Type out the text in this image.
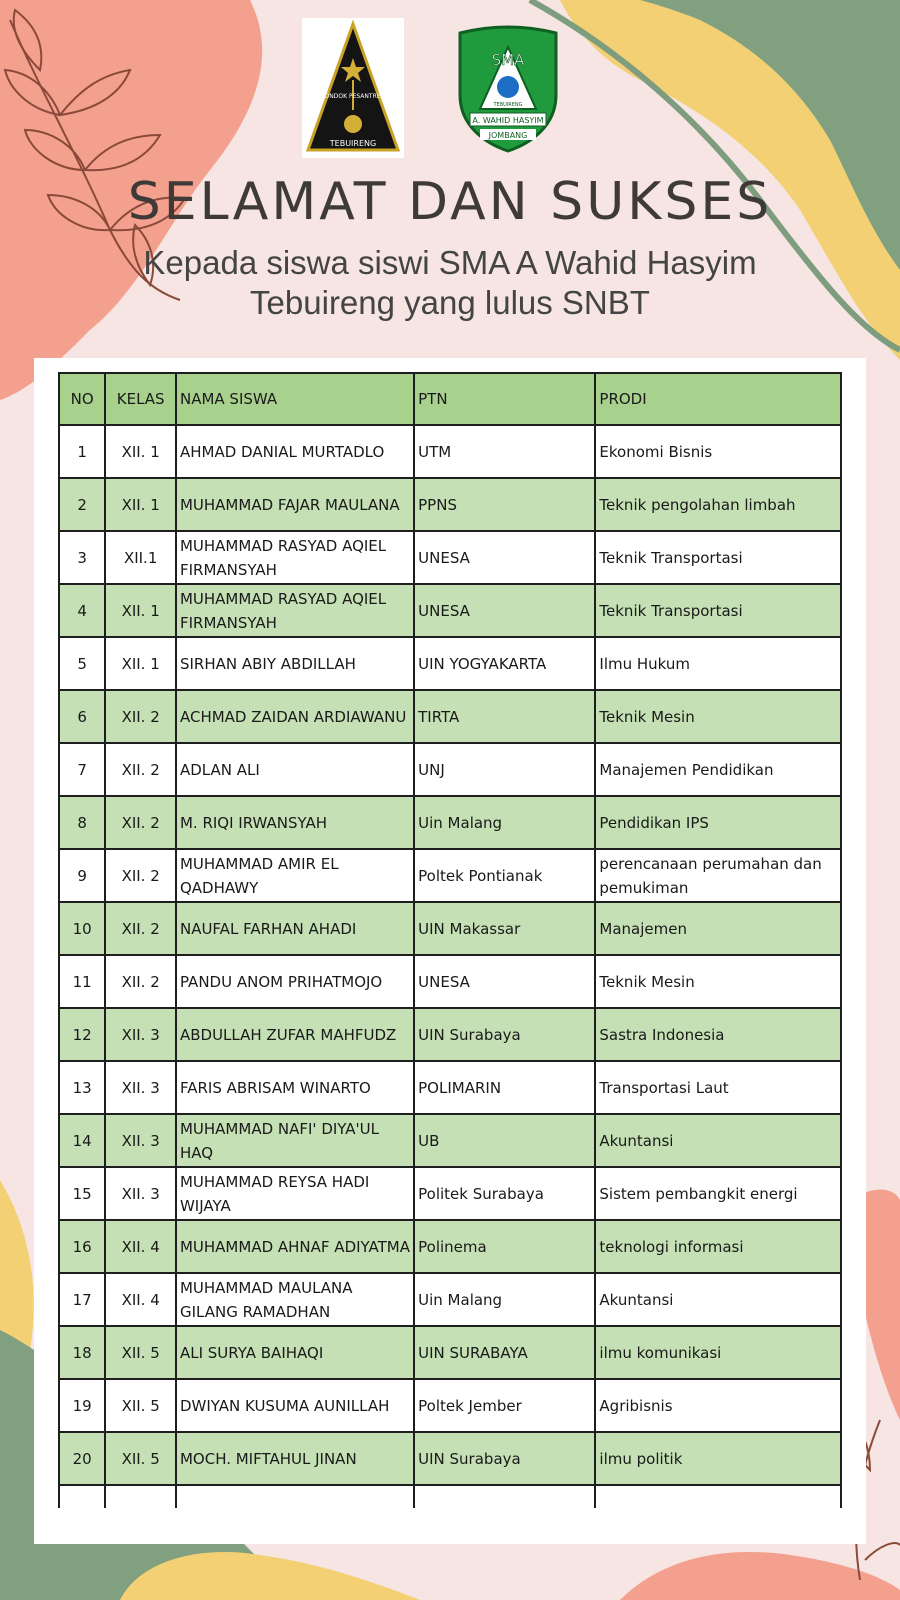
PONDOK PESANTREN
TEBUIRENG
SMA
TEBUIRENG
A. WAHID HASYIM
JOMBANG
SELAMAT DAN SUKSES
Kepada siswa siswi SMA A Wahid Hasyim
Tebuireng yang lulus SNBT
NO	KELAS	NAMA SISWA	PTN	PRODI
1	XII. 1	AHMAD DANIAL MURTADLO	UTM	Ekonomi Bisnis
2	XII. 1	MUHAMMAD FAJAR MAULANA	PPNS	Teknik pengolahan limbah
3	XII.1	MUHAMMAD RASYAD AQIEL FIRMANSYAH	UNESA	Teknik Transportasi
4	XII. 1	MUHAMMAD RASYAD AQIEL FIRMANSYAH	UNESA	Teknik Transportasi
5	XII. 1	SIRHAN ABIY ABDILLAH	UIN YOGYAKARTA	Ilmu Hukum
6	XII. 2	ACHMAD ZAIDAN ARDIAWANU	TIRTA	Teknik Mesin
7	XII. 2	ADLAN ALI	UNJ	Manajemen Pendidikan
8	XII. 2	M. RIQI IRWANSYAH	Uin Malang	Pendidikan IPS
9	XII. 2	MUHAMMAD AMIR EL QADHAWY	Poltek Pontianak	perencanaan perumahan dan pemukiman
10	XII. 2	NAUFAL FARHAN AHADI	UIN Makassar	Manajemen
11	XII. 2	PANDU ANOM PRIHATMOJO	UNESA	Teknik Mesin
12	XII. 3	ABDULLAH ZUFAR MAHFUDZ	UIN Surabaya	Sastra Indonesia
13	XII. 3	FARIS ABRISAM WINARTO	POLIMARIN	Transportasi Laut
14	XII. 3	MUHAMMAD NAFI' DIYA'UL HAQ	UB	Akuntansi
15	XII. 3	MUHAMMAD REYSA HADI WIJAYA	Politek Surabaya	Sistem pembangkit energi
16	XII. 4	MUHAMMAD AHNAF ADIYATMA	Polinema	teknologi informasi
17	XII. 4	MUHAMMAD MAULANA GILANG RAMADHAN	Uin Malang	Akuntansi
18	XII. 5	ALI SURYA BAIHAQI	UIN SURABAYA	ilmu komunikasi
19	XII. 5	DWIYAN KUSUMA AUNILLAH	Poltek Jember	Agribisnis
20	XII. 5	MOCH. MIFTAHUL JINAN	UIN Surabaya	ilmu politik
